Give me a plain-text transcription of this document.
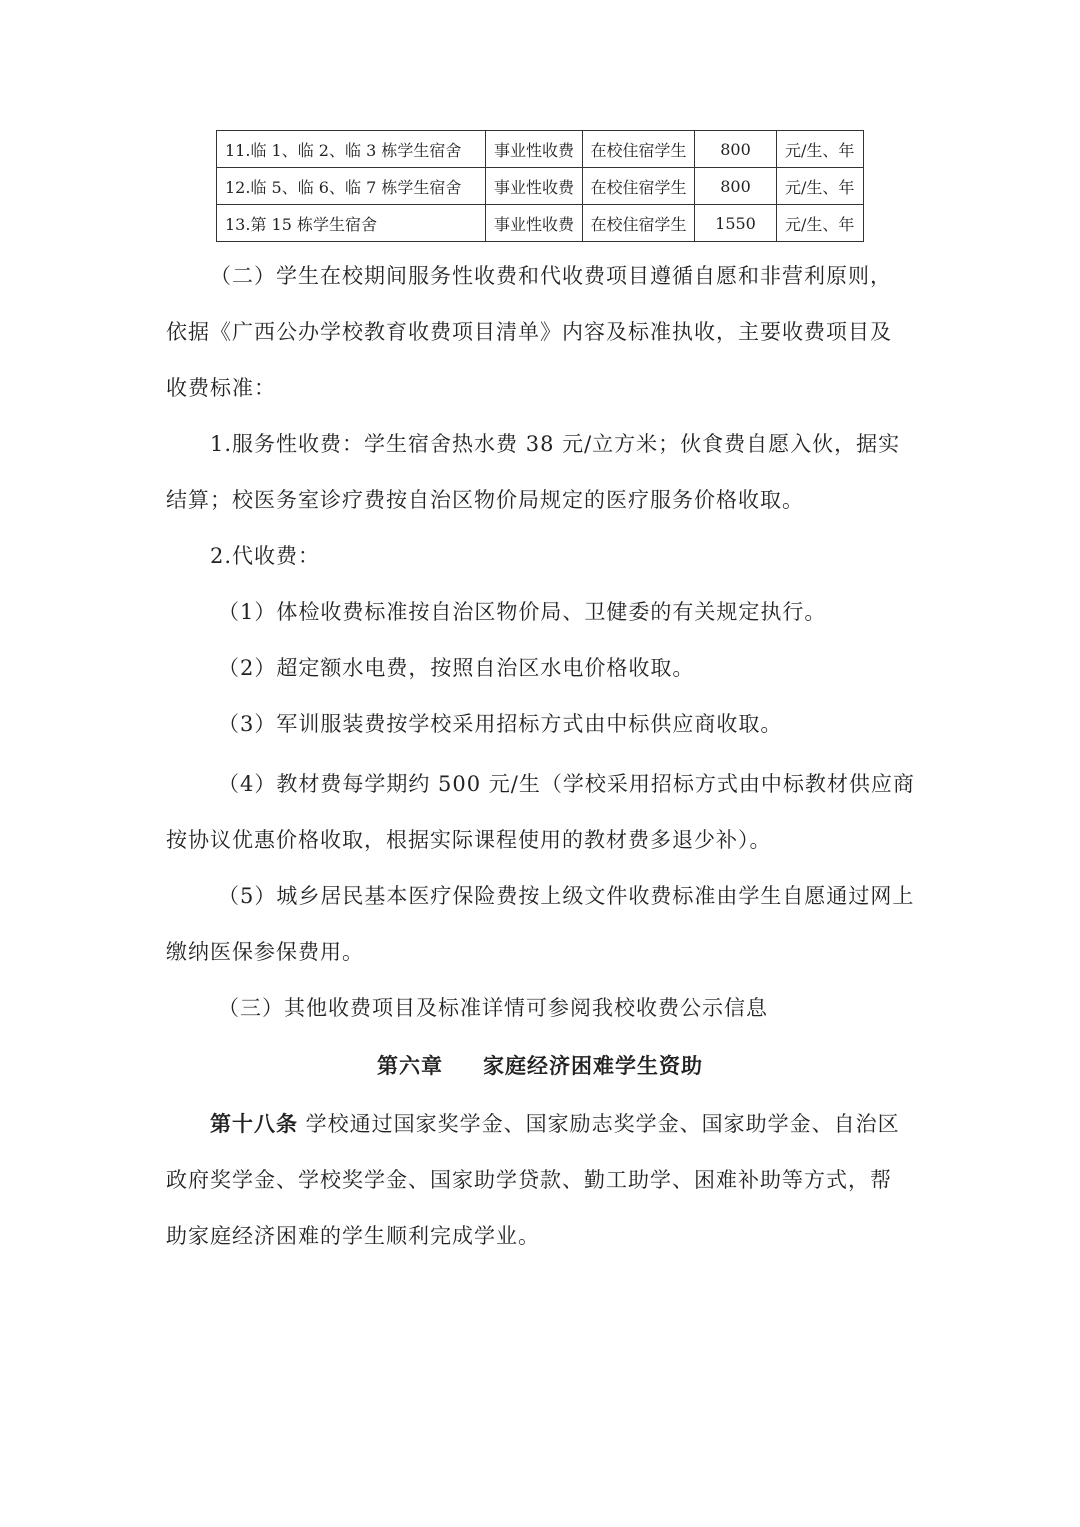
11.临 1、临 2、临 3 栋学生宿舍	事业性收费	在校住宿学生	800	元/生、年
12.临 5、临 6、临 7 栋学生宿舍	事业性收费	在校住宿学生	800	元/生、年
13.第 15 栋学生宿舍	事业性收费	在校住宿学生	1550	元/生、年
（二）学生在校期间服务性收费和代收费项目遵循自愿和非营利原则，
依据《广西公办学校教育收费项目清单》内容及标准执收，主要收费项目及
收费标准：
1.服务性收费：学生宿舍热水费 38 元/立方米；伙食费自愿入伙，据实
结算；校医务室诊疗费按自治区物价局规定的医疗服务价格收取。
2.代收费：
（1）体检收费标准按自治区物价局、卫健委的有关规定执行。
（2）超定额水电费，按照自治区水电价格收取。
（3）军训服装费按学校采用招标方式由中标供应商收取。
（4）教材费每学期约 500 元/生（学校采用招标方式由中标教材供应商
按协议优惠价格收取，根据实际课程使用的教材费多退少补）。
（5）城乡居民基本医疗保险费按上级文件收费标准由学生自愿通过网上
缴纳医保参保费用。
（三）其他收费项目及标准详情可参阅我校收费公示信息
第六章 家庭经济困难学生资助
第十八条 学校通过国家奖学金、国家励志奖学金、国家助学金、自治区
政府奖学金、学校奖学金、国家助学贷款、勤工助学、困难补助等方式，帮
助家庭经济困难的学生顺利完成学业。
